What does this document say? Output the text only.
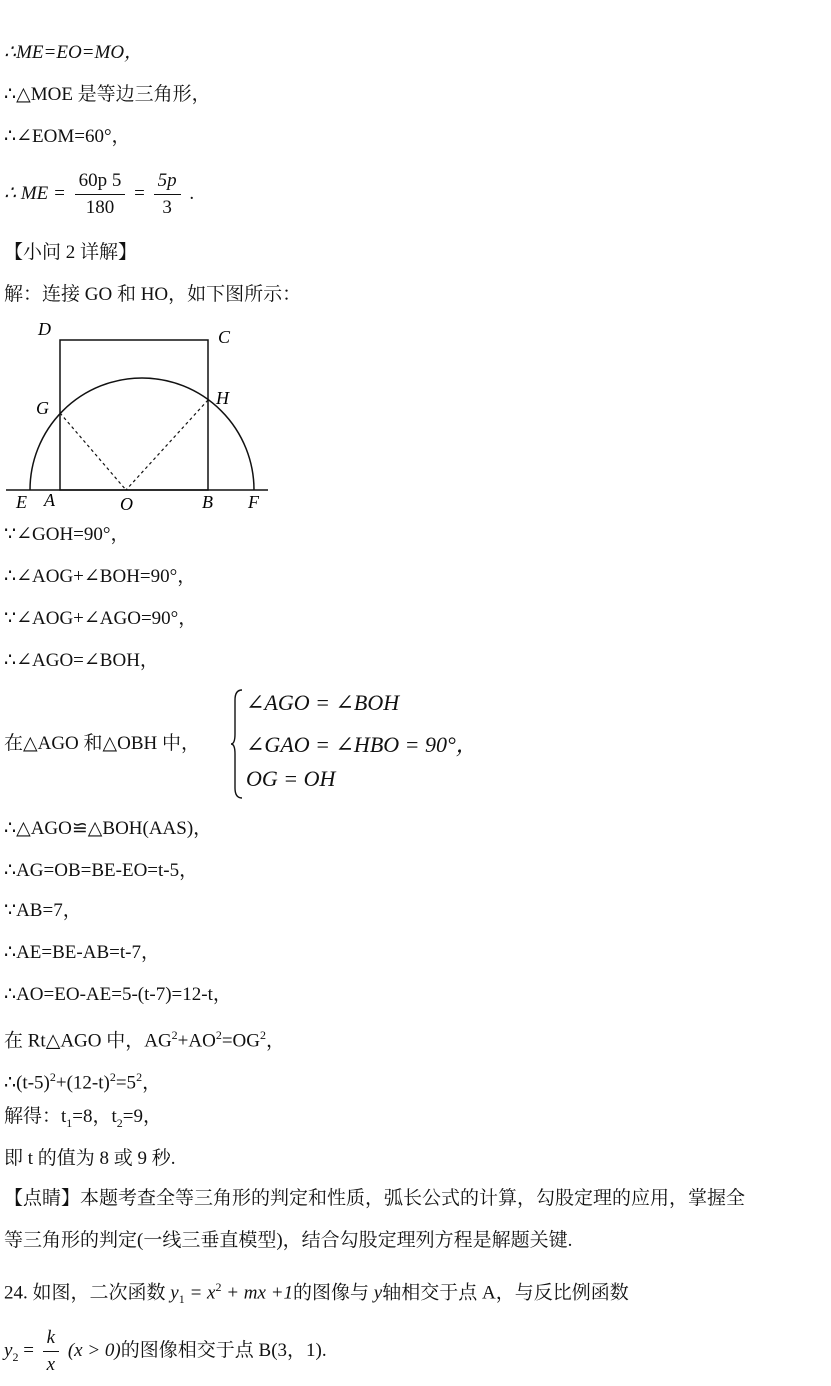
∴ME=EO=MO，
∴△MOE 是等边三角形，
∴∠EOM=60°，
∴ ME = $\frac{60p 5}{180} = \frac{5p}{3}$ .
【小问 2 详解】
解：连接 GO 和 HO，如下图所示：
D	C
G	H
E A	O	B F
∵∠GOH=90°，
∴∠AOG+∠BOH=90°，
∵∠AOG+∠AGO=90°，
∴∠AGO=∠BOH，
在△AGO 和△OBH 中，
∠AGO = ∠BOH
∠GAO = ∠HBO = 90°，
OG = OH
∴△AGO≌△BOH(AAS)，
∴AG=OB=BE-EO=t-5，
∵AB=7，
∴AE=BE-AB=t-7，
∴AO=EO-AE=5-(t-7)=12-t，
在 Rt△AGO 中，$AG^2+AO^2=OG^2$，
$\therefore(t-5)^2+(12-t)^2=5^2$，
解得：$t_1=8$，$t_2=9$，
即 t 的值为 8 或 9 秒.
【点睛】本题考查全等三角形的判定和性质，弧长公式的计算，勾股定理的应用，掌握全
等三角形的判定(一线三垂直模型)，结合勾股定理列方程是解题关键.
24. 如图，二次函数 $y_1 = x^2$ + mx +1的图像与 y轴相交于点 A，与反比例函数
$y_2 = \frac{k}{x} (x > 0)$的图像相交于点 B(3，1).
